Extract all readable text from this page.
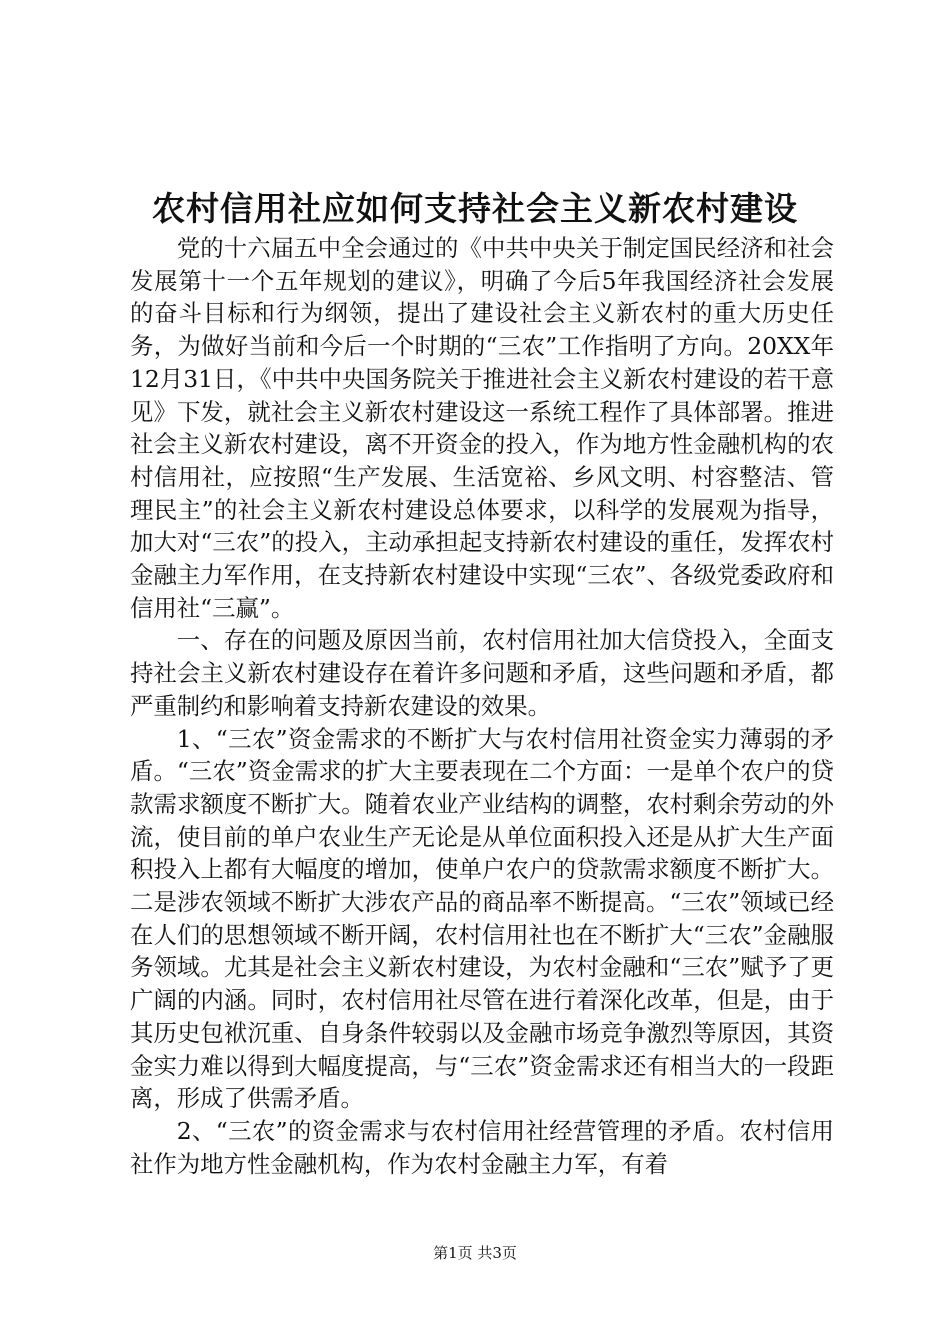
农村信用社应如何支持社会主义新农村建设

党的十六届五中全会通过的《中共中央关于制定国民经济和社会发展第十一个五年规划的建议》，明确了今后5年我国经济社会发展的奋斗目标和行为纲领，提出了建设社会主义新农村的重大历史任务，为做好当前和今后一个时期的“三农”工作指明了方向。20XX年12月31日，《中共中央国务院关于推进社会主义新农村建设的若干意见》下发，就社会主义新农村建设这一系统工程作了具体部署。推进社会主义新农村建设，离不开资金的投入，作为地方性金融机构的农村信用社，应按照“生产发展、生活宽裕、乡风文明、村容整洁、管理民主”的社会主义新农村建设总体要求，以科学的发展观为指导，加大对“三农”的投入，主动承担起支持新农村建设的重任，发挥农村金融主力军作用，在支持新农村建设中实现“三农”、各级党委政府和信用社“三赢”。

一、存在的问题及原因当前，农村信用社加大信贷投入，全面支持社会主义新农村建设存在着许多问题和矛盾，这些问题和矛盾，都严重制约和影响着支持新农建设的效果。

1、“三农”资金需求的不断扩大与农村信用社资金实力薄弱的矛盾。“三农”资金需求的扩大主要表现在二个方面：一是单个农户的贷款需求额度不断扩大。随着农业产业结构的调整，农村剩余劳动的外流，使目前的单户农业生产无论是从单位面积投入还是从扩大生产面积投入上都有大幅度的增加，使单户农户的贷款需求额度不断扩大。二是涉农领域不断扩大涉农产品的商品率不断提高。“三农”领域已经在人们的思想领域不断开阔，农村信用社也在不断扩大“三农”金融服务领域。尤其是社会主义新农村建设，为农村金融和“三农”赋予了更广阔的内涵。同时，农村信用社尽管在进行着深化改革，但是，由于其历史包袱沉重、自身条件较弱以及金融市场竞争激烈等原因，其资金实力难以得到大幅度提高，与“三农”资金需求还有相当大的一段距离，形成了供需矛盾。

2、“三农”的资金需求与农村信用社经营管理的矛盾。农村信用社作为地方性金融机构，作为农村金融主力军，有着

第1页 共3页
